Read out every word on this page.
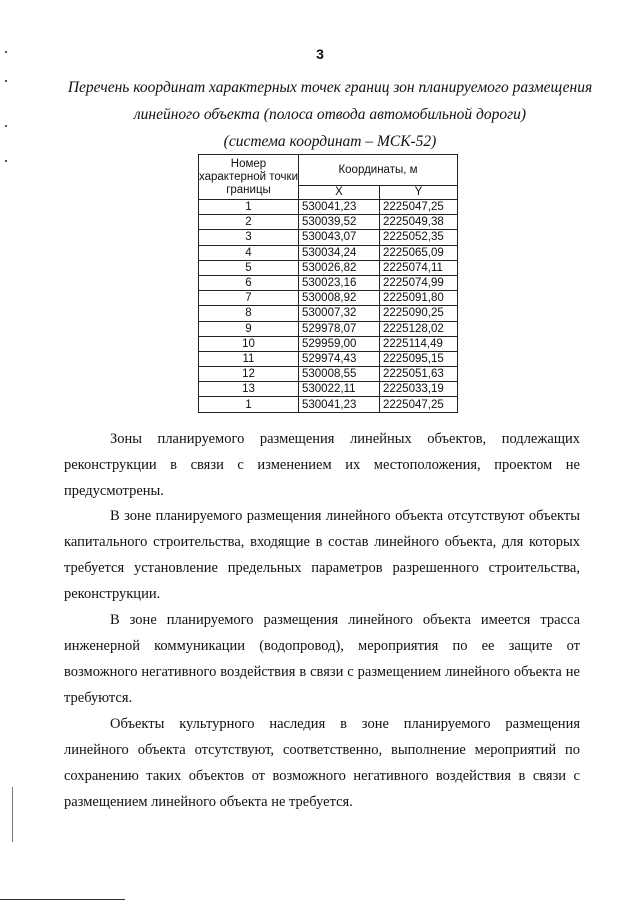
3
Перечень координат характерных точек границ зон планируемого размещения
линейного объекта (полоса отвода автомобильной дороги)
(система координат – МСК-52)
Номер характерной точки границы	Координаты, м	
	X	Y
1	530041,23	2225047,25
2	530039,52	2225049,38
3	530043,07	2225052,35
4	530034,24	2225065,09
5	530026,82	2225074,11
6	530023,16	2225074,99
7	530008,92	2225091,80
8	530007,32	2225090,25
9	529978,07	2225128,02
10	529959,00	2225114,49
11	529974,43	2225095,15
12	530008,55	2225051,63
13	530022,11	2225033,19
1	530041,23	2225047,25
Зоны планируемого размещения линейных объектов, подлежащих реконструкции в связи с изменением их местоположения, проектом не предусмотрены.
В зоне планируемого размещения линейного объекта отсутствуют объекты капитального строительства, входящие в состав линейного объекта, для которых требуется установление предельных параметров разрешенного строительства, реконструкции.
В зоне планируемого размещения линейного объекта имеется трасса инженерной коммуникации (водопровод), мероприятия по ее защите от возможного негативного воздействия в связи с размещением линейного объекта не требуются.
Объекты культурного наследия в зоне планируемого размещения линейного объекта отсутствуют, соответственно, выполнение мероприятий по сохранению таких объектов от возможного негативного воздействия в связи с размещением линейного объекта не требуется.
